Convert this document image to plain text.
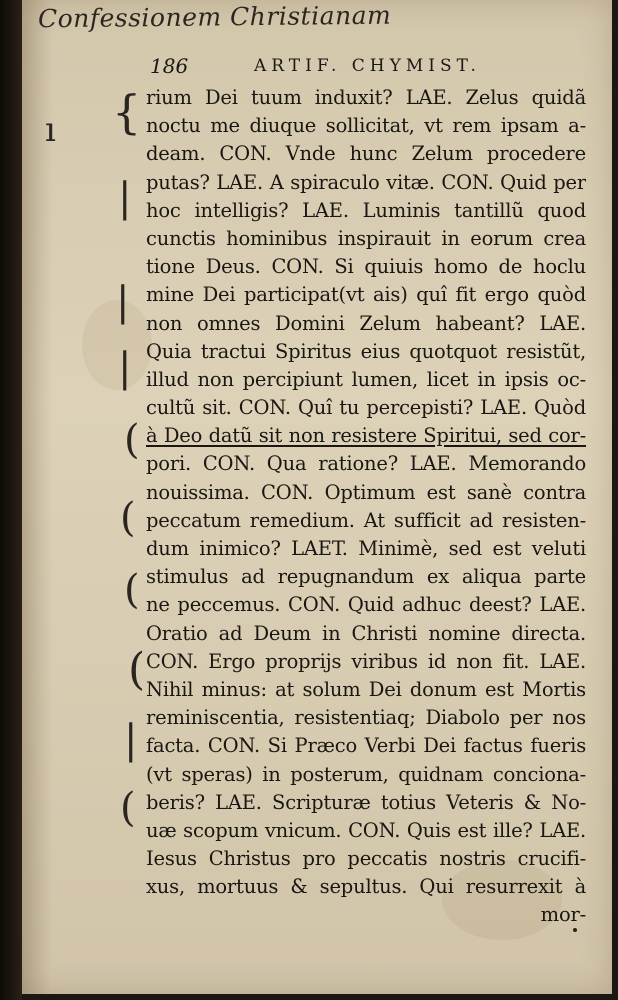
Confessionem Christianam
186	ARTIF. CHYMIST.
ı {
|
|
|
(
(
(
(
|
(
rium Dei tuum induxit? LAE. Zelus quidã
noctu me diuque sollicitat, vt rem ipsam a-
deam. CON. Vnde hunc Zelum procedere
putas? LAE. A spiraculo vitæ. CON. Quid per
hoc intelligis? LAE. Luminis tantillũ quod
cunctis hominibus inspirauit in eorum crea
tione Deus. CON. Si quiuis homo de hoclu
mine Dei participat(vt ais) quî fit ergo quòd
non omnes Domini Zelum habeant? LAE.
Quia tractui Spiritus eius quotquot resistũt,
illud non percipiunt lumen, licet in ipsis oc-
cultũ sit. CON. Quî tu percepisti? LAE. Quòd
à Deo datũ sit non resistere Spiritui, sed cor-
pori. CON. Qua ratione? LAE. Memorando
nouissima. CON. Optimum est sanè contra
peccatum remedium. At sufficit ad resisten-
dum inimico? LAET. Minimè, sed est veluti
stimulus ad repugnandum ex aliqua parte
ne peccemus. CON. Quid adhuc deest? LAE.
Oratio ad Deum in Christi nomine directa.
CON. Ergo proprijs viribus id non fit. LAE.
Nihil minus: at solum Dei donum est Mortis
reminiscentia, resistentiaq; Diabolo per nos
facta. CON. Si Præco Verbi Dei factus fueris
(vt speras) in posterum, quidnam conciona-
beris? LAE. Scripturæ totius Veteris & No-
uæ scopum vnicum. CON. Quis est ille? LAE.
Iesus Christus pro peccatis nostris crucifi-
xus, mortuus & sepultus. Qui resurrexit à
mor-
